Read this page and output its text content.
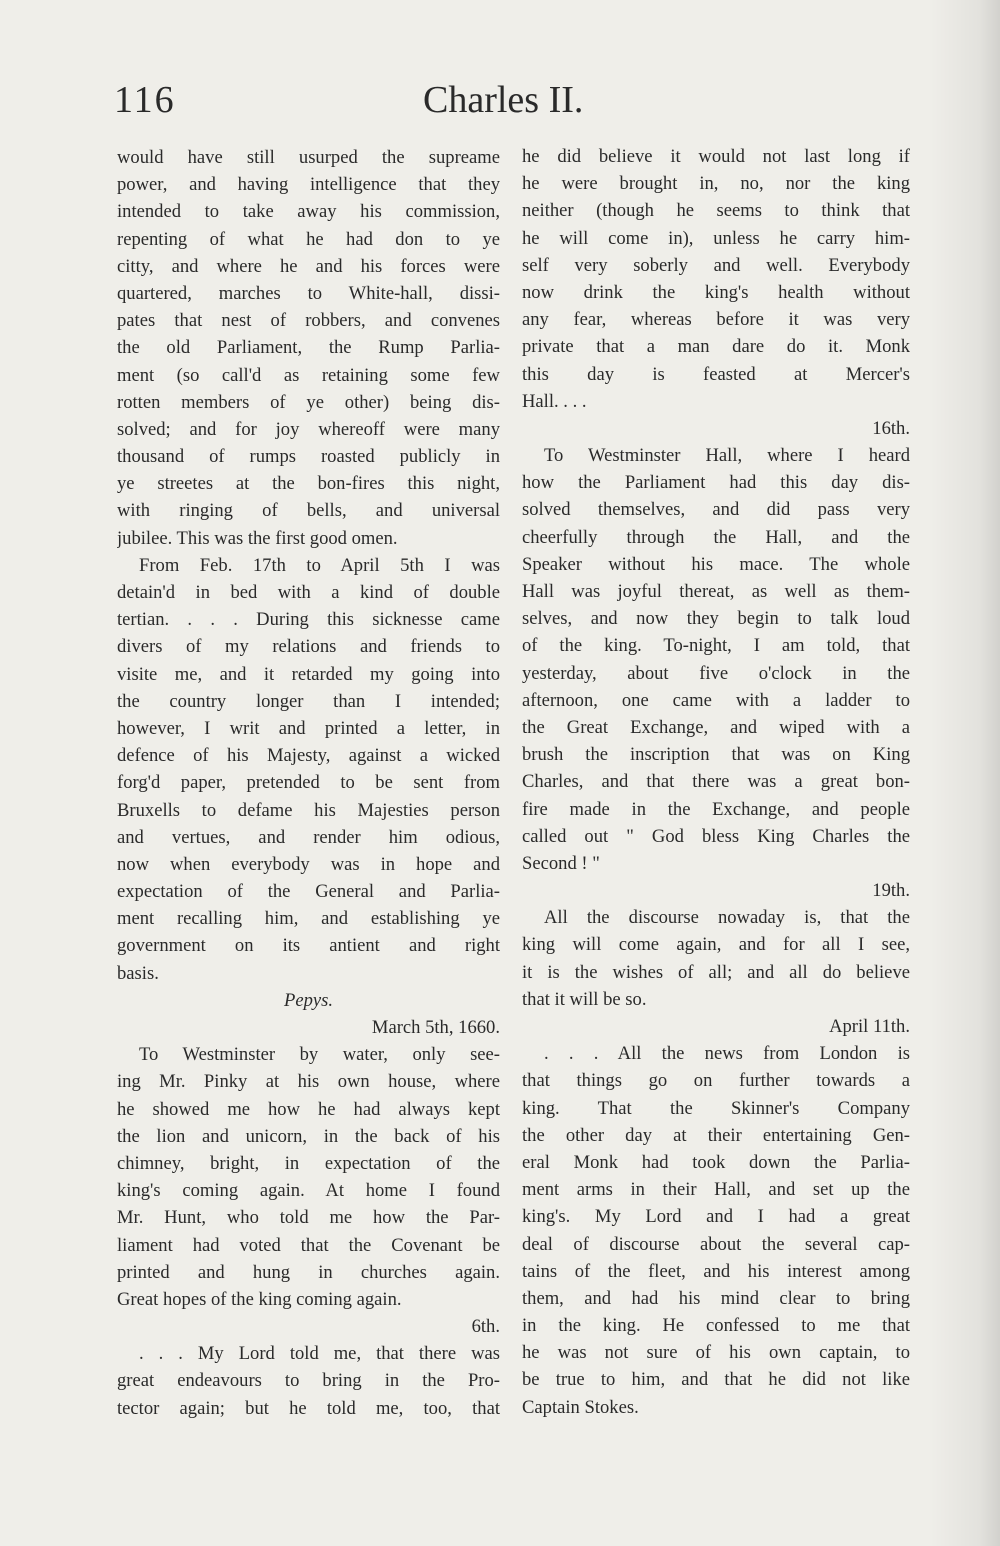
116	Charles II.
would have still usurped the supreame
power, and having intelligence that they
intended to take away his commission,
repenting of what he had don to ye
citty, and where he and his forces were
quartered, marches to White-hall, dissi-
pates that nest of robbers, and convenes
the old Parliament, the Rump Parlia-
ment (so call'd as retaining some few
rotten members of ye other) being dis-
solved; and for joy whereoff were many
thousand of rumps roasted publicly in
ye streetes at the bon-fires this night,
with ringing of bells, and universal
jubilee. This was the first good omen.
From Feb. 17th to April 5th I was
detain'd in bed with a kind of double
tertian. . . . During this sicknesse came
divers of my relations and friends to
visite me, and it retarded my going into
the country longer than I intended;
however, I writ and printed a letter, in
defence of his Majesty, against a wicked
forg'd paper, pretended to be sent from
Bruxells to defame his Majesties person
and vertues, and render him odious,
now when everybody was in hope and
expectation of the General and Parlia-
ment recalling him, and establishing ye
government on its antient and right
basis.
Pepys.
March 5th, 1660.
To Westminster by water, only see-
ing Mr. Pinky at his own house, where
he showed me how he had always kept
the lion and unicorn, in the back of his
chimney, bright, in expectation of the
king's coming again. At home I found
Mr. Hunt, who told me how the Par-
liament had voted that the Covenant be
printed and hung in churches again.
Great hopes of the king coming again.
6th.
. . . My Lord told me, that there was
great endeavours to bring in the Pro-
tector again; but he told me, too, that
he did believe it would not last long if
he were brought in, no, nor the king
neither (though he seems to think that
he will come in), unless he carry him-
self very soberly and well. Everybody
now drink the king's health without
any fear, whereas before it was very
private that a man dare do it. Monk
this day is feasted at Mercer's
Hall. . . .
16th.
To Westminster Hall, where I heard
how the Parliament had this day dis-
solved themselves, and did pass very
cheerfully through the Hall, and the
Speaker without his mace. The whole
Hall was joyful thereat, as well as them-
selves, and now they begin to talk loud
of the king. To-night, I am told, that
yesterday, about five o'clock in the
afternoon, one came with a ladder to
the Great Exchange, and wiped with a
brush the inscription that was on King
Charles, and that there was a great bon-
fire made in the Exchange, and people
called out " God bless King Charles the
Second ! "
19th.
All the discourse nowaday is, that the
king will come again, and for all I see,
it is the wishes of all; and all do believe
that it will be so.
April 11th.
. . . All the news from London is
that things go on further towards a
king. That the Skinner's Company
the other day at their entertaining Gen-
eral Monk had took down the Parlia-
ment arms in their Hall, and set up the
king's. My Lord and I had a great
deal of discourse about the several cap-
tains of the fleet, and his interest among
them, and had his mind clear to bring
in the king. He confessed to me that
he was not sure of his own captain, to
be true to him, and that he did not like
Captain Stokes.
